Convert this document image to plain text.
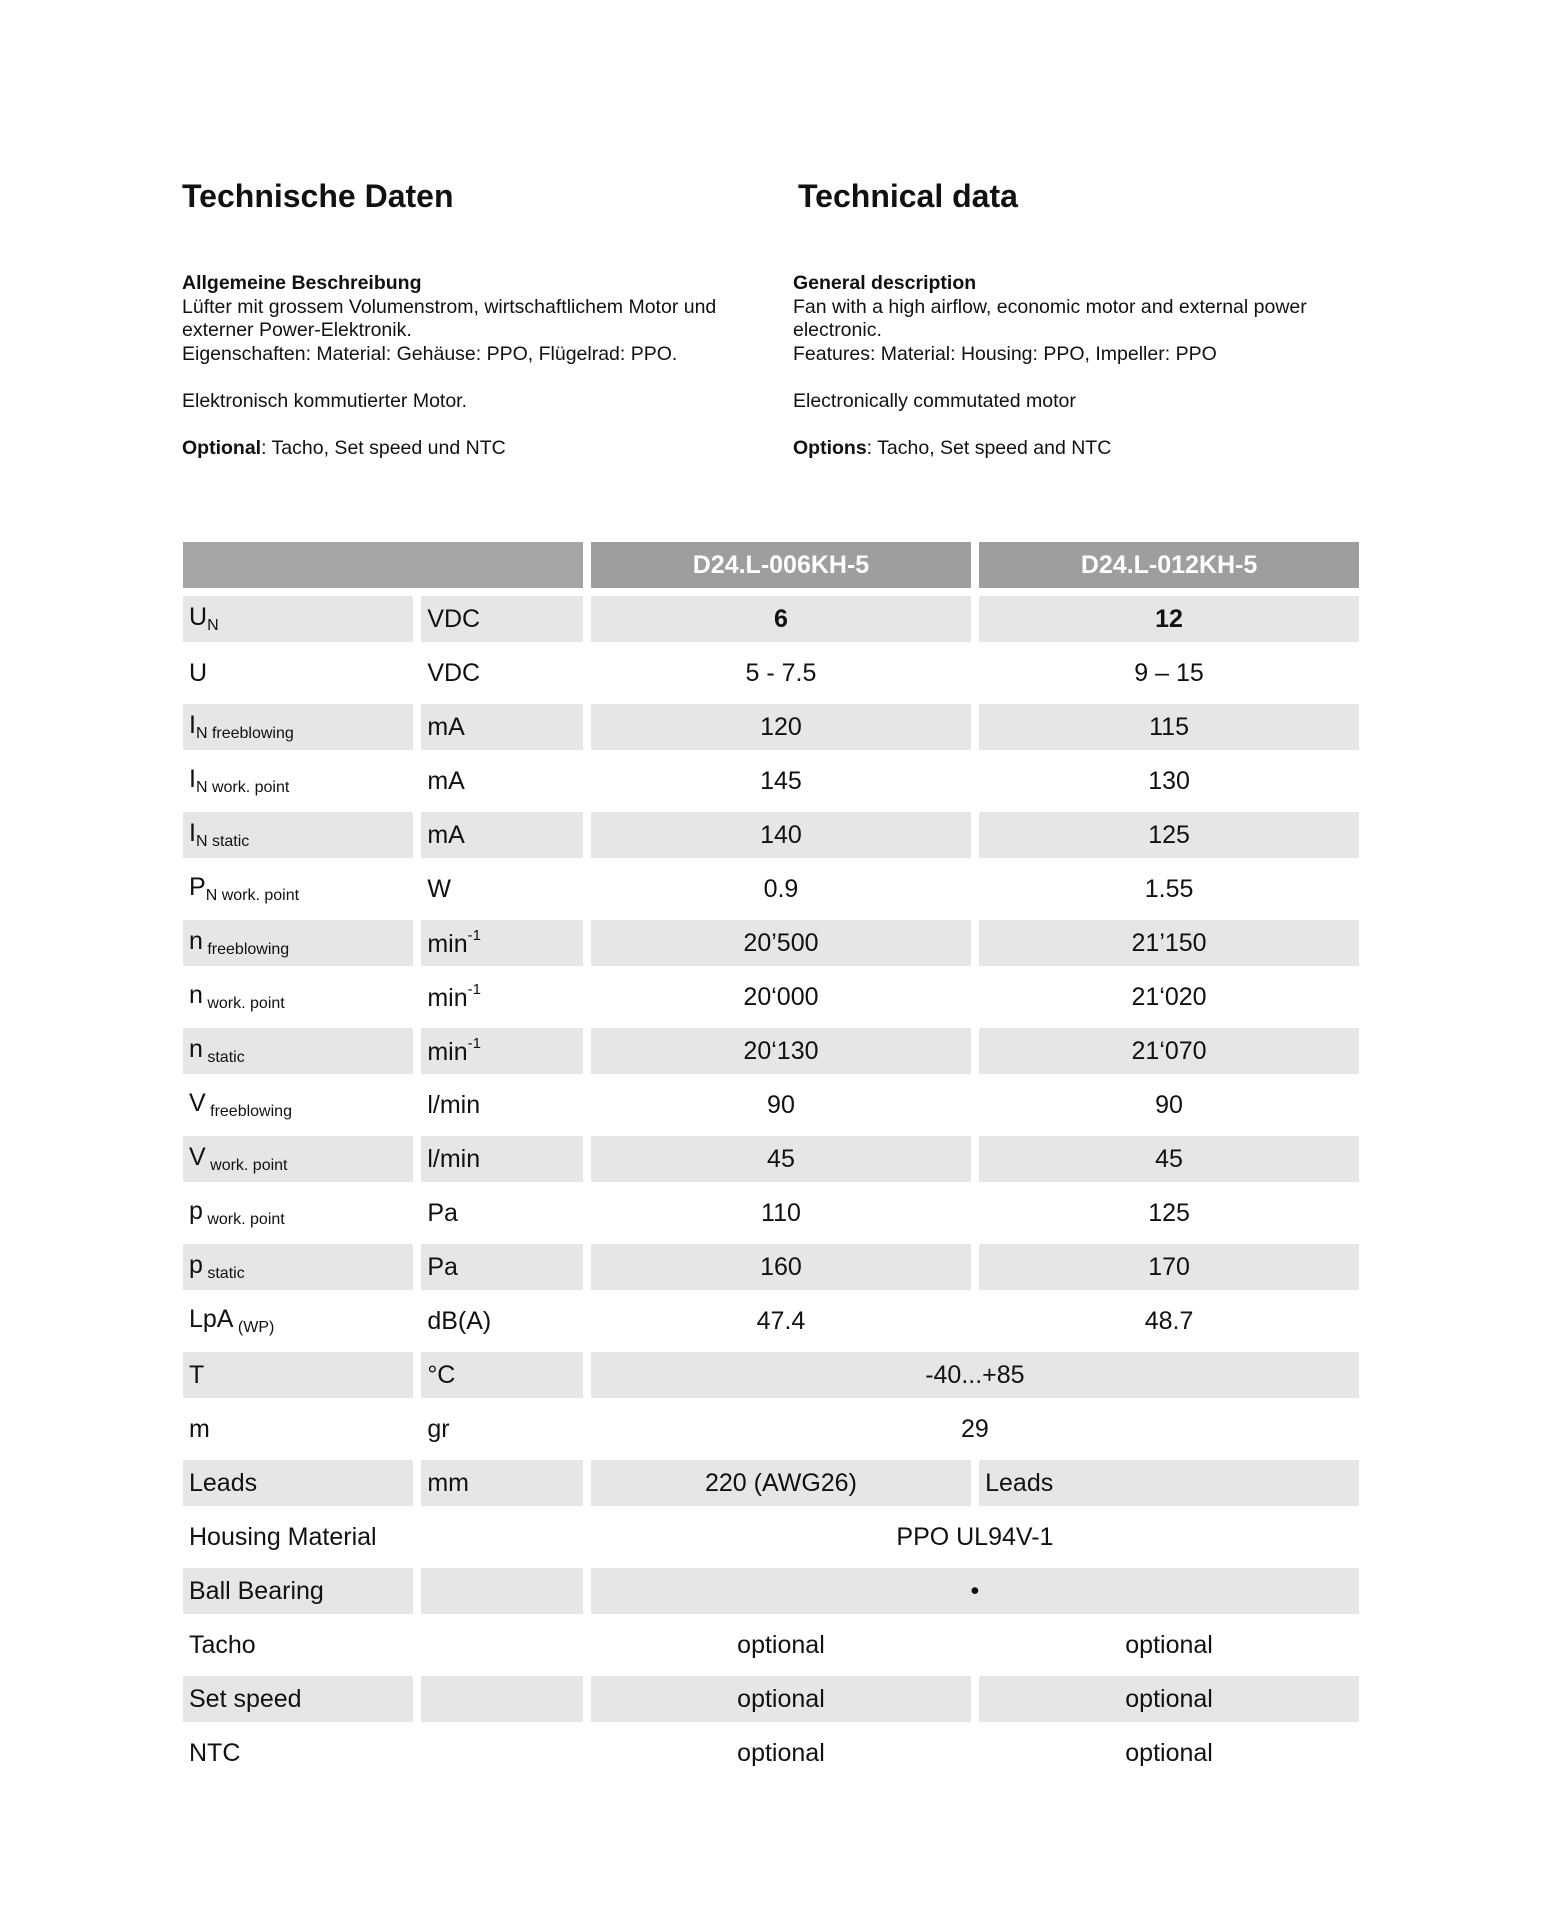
Technische Daten	Technical data
Allgemeine Beschreibung
Lüfter mit grossem Volumenstrom, wirtschaftlichem Motor und
externer Power-Elektronik.
Eigenschaften: Material: Gehäuse: PPO, Flügelrad: PPO.
Elektronisch kommutierter Motor.
Optional: Tacho, Set speed und NTC
General description
Fan with a high airflow, economic motor and external power
electronic.
Features: Material: Housing: PPO, Impeller: PPO
Electronically commutated motor
Options: Tacho, Set speed and NTC
		D24.L-006KH-5	D24.L-012KH-5
$U_N$	VDC	6	12
U	VDC	5 - 7.5	9 – 15
$I_{N freeblowing}$	mA	120	115
$I_{N work. point}$	mA	145	130
$I_{N static}$	mA	140	125
$P_{N work. point}$	W	0.9	1.55
n $_{freeblowing}$	$\min^{-1}$	20’500	21’150
n $_{work. point}$	$\min^{-1}$	20‘000	21‘020
n $_{static}$	$\min^{-1}$	20‘130	21‘070
V $_{freeblowing}$	l/min	90	90
V $_{work. point}$	l/min	45	45
p $_{work. point}$	Pa	110	125
p $_{static}$	Pa	160	170
LpA $_{(WP)}$	dB(A)	47.4	48.7
T	°C	-40...+85	
m	gr	29	
Leads	mm	220 (AWG26)	Leads
Housing Material		PPO UL94V-1	
Ball Bearing		•	
Tacho		optional	optional
Set speed		optional	optional
NTC		optional	optional
